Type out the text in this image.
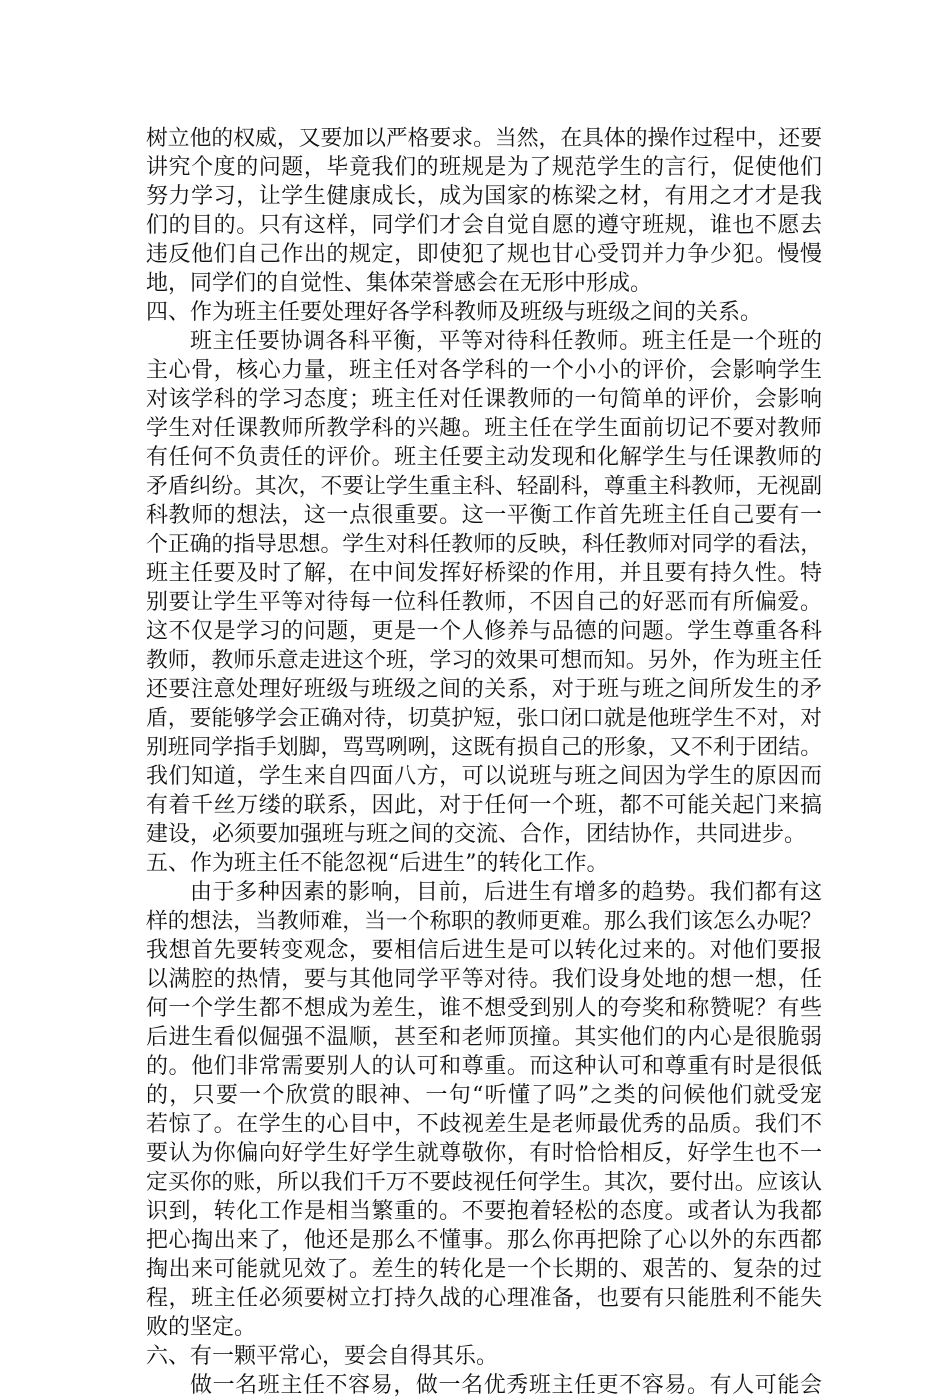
树立他的权威，又要加以严格要求。当然，在具体的操作过程中，还要
讲究个度的问题，毕竟我们的班规是为了规范学生的言行，促使他们
努力学习，让学生健康成长，成为国家的栋梁之材，有用之才才是我
们的目的。只有这样，同学们才会自觉自愿的遵守班规，谁也不愿去
违反他们自己作出的规定，即使犯了规也甘心受罚并力争少犯。慢慢
地，同学们的自觉性、集体荣誉感会在无形中形成。
四、作为班主任要处理好各学科教师及班级与班级之间的关系。
班主任要协调各科平衡，平等对待科任教师。班主任是一个班的
主心骨，核心力量，班主任对各学科的一个小小的评价，会影响学生
对该学科的学习态度；班主任对任课教师的一句简单的评价，会影响
学生对任课教师所教学科的兴趣。班主任在学生面前切记不要对教师
有任何不负责任的评价。班主任要主动发现和化解学生与任课教师的
矛盾纠纷。其次，不要让学生重主科、轻副科，尊重主科教师，无视副
科教师的想法，这一点很重要。这一平衡工作首先班主任自己要有一
个正确的指导思想。学生对科任教师的反映，科任教师对同学的看法，
班主任要及时了解，在中间发挥好桥梁的作用，并且要有持久性。特
别要让学生平等对待每一位科任教师，不因自己的好恶而有所偏爱。
这不仅是学习的问题，更是一个人修养与品德的问题。学生尊重各科
教师，教师乐意走进这个班，学习的效果可想而知。另外，作为班主任
还要注意处理好班级与班级之间的关系，对于班与班之间所发生的矛
盾，要能够学会正确对待，切莫护短，张口闭口就是他班学生不对，对
别班同学指手划脚，骂骂咧咧，这既有损自己的形象，又不利于团结。
我们知道，学生来自四面八方，可以说班与班之间因为学生的原因而
有着千丝万缕的联系，因此，对于任何一个班，都不可能关起门来搞
建设，必须要加强班与班之间的交流、合作，团结协作，共同进步。
五、作为班主任不能忽视“后进生”的转化工作。
由于多种因素的影响，目前，后进生有增多的趋势。我们都有这
样的想法，当教师难，当一个称职的教师更难。那么我们该怎么办呢？
我想首先要转变观念，要相信后进生是可以转化过来的。对他们要报
以满腔的热情，要与其他同学平等对待。我们设身处地的想一想，任
何一个学生都不想成为差生，谁不想受到别人的夸奖和称赞呢？有些
后进生看似倔强不温顺，甚至和老师顶撞。其实他们的内心是很脆弱
的。他们非常需要别人的认可和尊重。而这种认可和尊重有时是很低
的，只要一个欣赏的眼神、一句“听懂了吗”之类的问候他们就受宠
若惊了。在学生的心目中，不歧视差生是老师最优秀的品质。我们不
要认为你偏向好学生好学生就尊敬你，有时恰恰相反，好学生也不一
定买你的账，所以我们千万不要歧视任何学生。其次，要付出。应该认
识到，转化工作是相当繁重的。不要抱着轻松的态度。或者认为我都
把心掏出来了，他还是那么不懂事。那么你再把除了心以外的东西都
掏出来可能就见效了。差生的转化是一个长期的、艰苦的、复杂的过
程，班主任必须要树立打持久战的心理准备，也要有只能胜利不能失
败的坚定。
六、有一颗平常心，要会自得其乐。
做一名班主任不容易，做一名优秀班主任更不容易。有人可能会
